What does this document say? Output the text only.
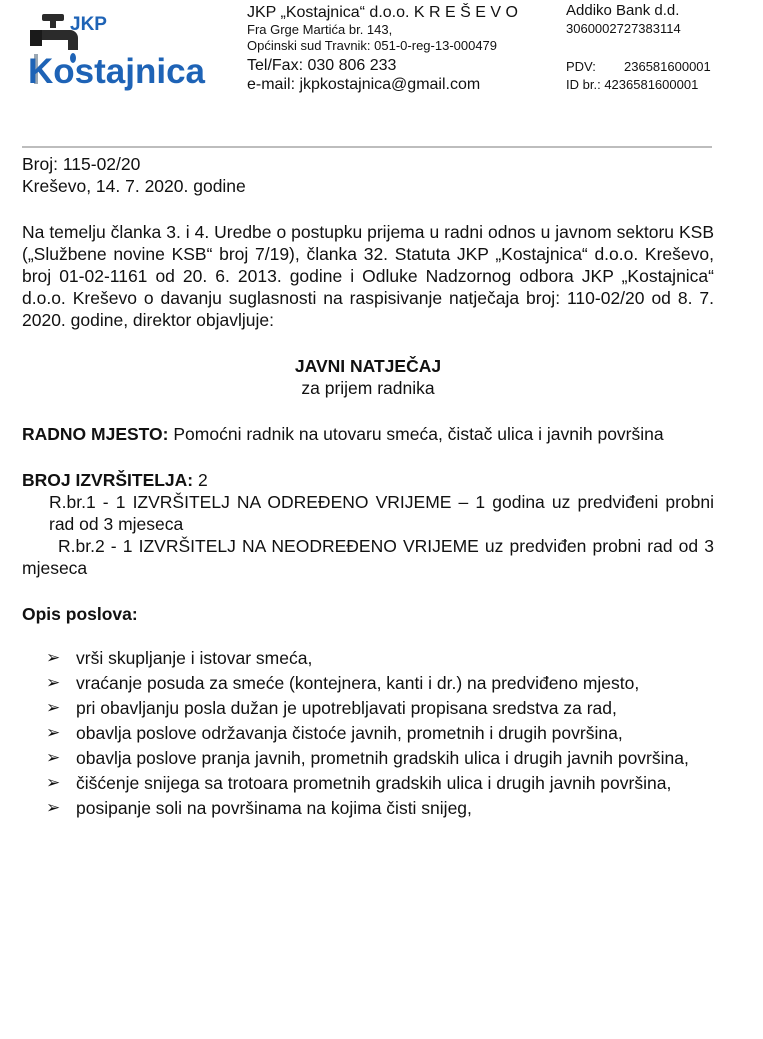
JKP
Kostajnica
JKP „Kostajnica“ d.o.o. K R E Š E V O
Fra Grge Martića br. 143,
Općinski sud Travnik: 051-0-reg-13-000479
Tel/Fax: 030 806 233
e-mail: jkpkostajnica@gmail.com
Addiko Bank d.d.
3060002727383114
PDV:	236581600001
ID br.:
4236581600001

Broj: 115-02/20

Kreševo, 14. 7. 2020. godine

Na temelju članka 3. i 4. Uredbe o postupku prijema u radni odnos u javnom sektoru KSB („Službene novine KSB“ broj 7/19), članka 32. Statuta JKP „Kostajnica“ d.o.o. Kreševo, broj 01-02-1161 od 20. 6. 2013. godine i Odluke Nadzornog odbora JKP „Kostajnica“ d.o.o. Kreševo o davanju suglasnosti na raspisivanje natječaja broj: 110-02/20 od 8. 7. 2020. godine, direktor objavljuje:

JAVNI NATJEČAJ

za prijem radnika

RADNO MJESTO: Pomoćni radnik na utovaru smeća, čistač ulica i javnih površina

BROJ IZVRŠITELJA: 2

R.br.1 - 1 IZVRŠITELJ NA ODREĐENO VRIJEME – 1 godina uz predviđeni probni rad od 3 mjeseca

R.br.2 - 1 IZVRŠITELJ NA NEODREĐENO VRIJEME uz predviđen probni rad od 3 mjeseca

Opis poslova:

➢ vrši skupljanje i istovar smeća,
➢ vraćanje posuda za smeće (kontejnera, kanti i dr.) na predviđeno mjesto,
➢ pri obavljanju posla dužan je upotrebljavati propisana sredstva za rad,
➢ obavlja poslove održavanja čistoće javnih, prometnih i drugih površina,
➢ obavlja poslove pranja javnih, prometnih gradskih ulica i drugih javnih površina,
➢ čišćenje snijega sa trotoara prometnih gradskih ulica i drugih javnih površina,
➢ posipanje soli na površinama na kojima čisti snijeg,
